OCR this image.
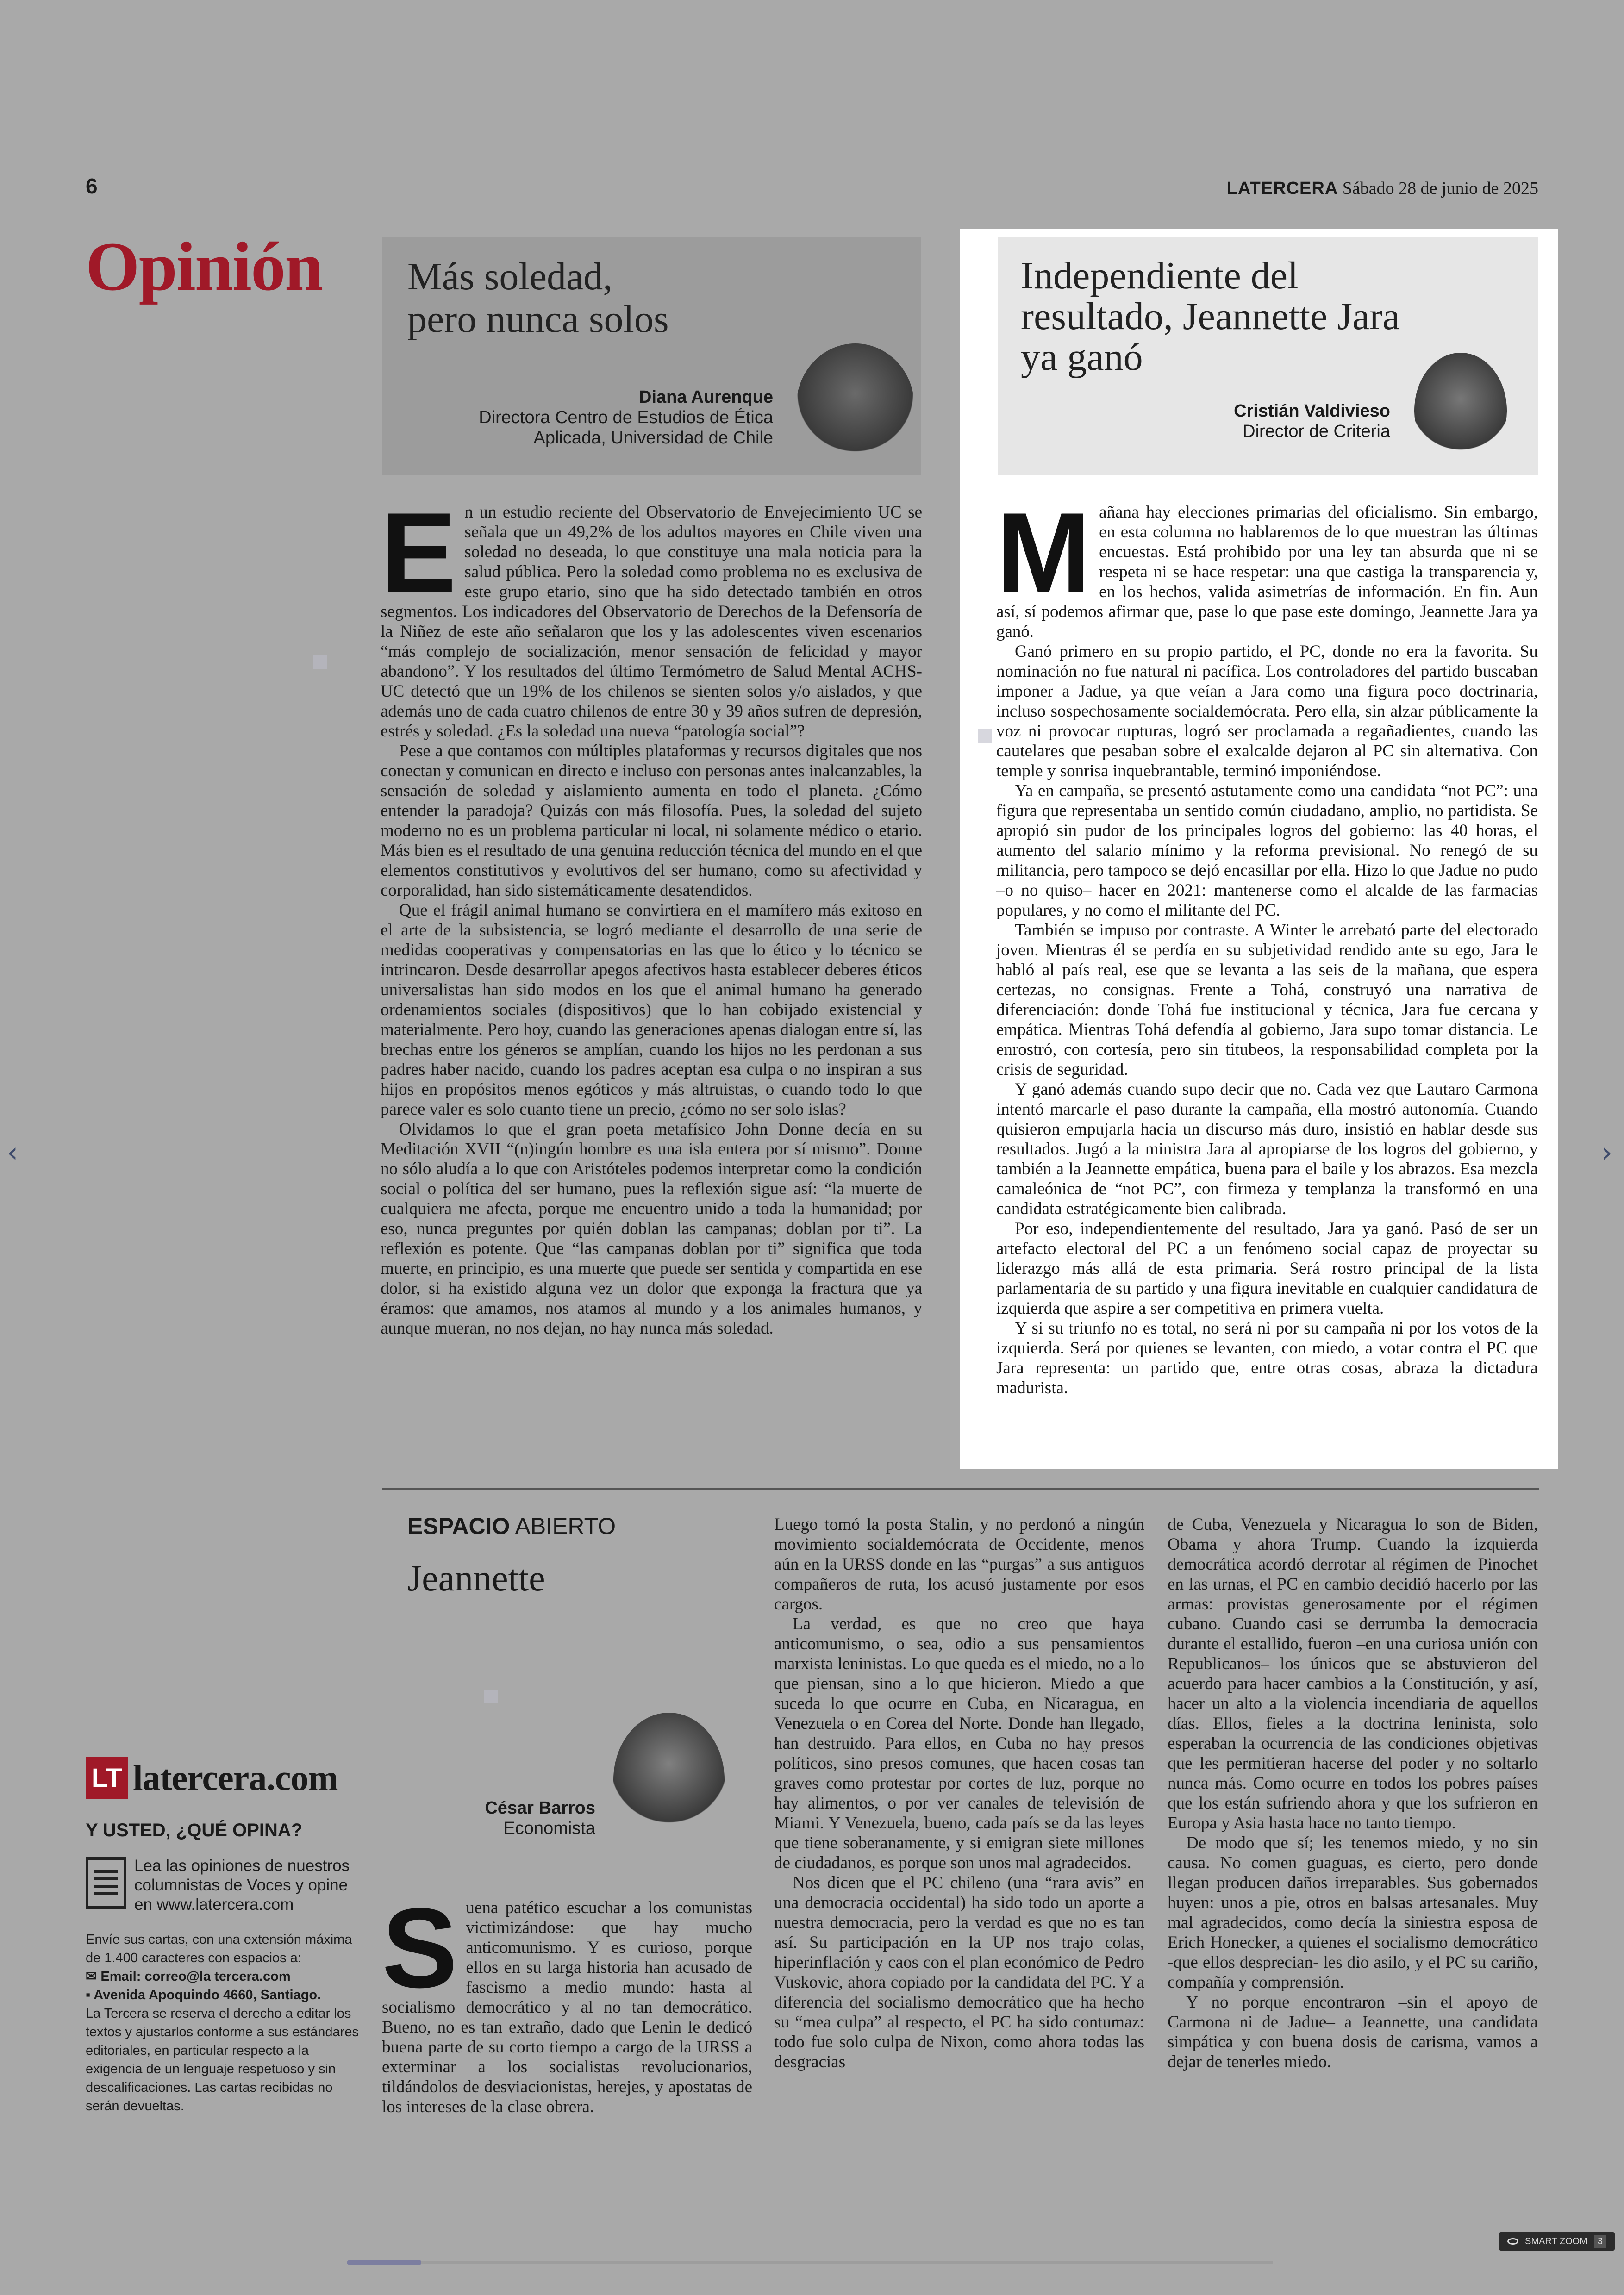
6	LATERCERA Sábado 28 de junio de 2025
Opinión Más soledad,
pero nunca solos
Diana Aurenque
Directora Centro de Estudios de Ética
Aplicada, Universidad de Chile

En un estudio reciente del Observatorio de Envejecimiento UC se señala que un 49,2% de los adultos mayores en Chile viven una soledad no deseada, lo que constituye una mala noticia para la salud pública. Pero la soledad como problema no es exclusiva de este grupo etario, sino que ha sido detectado también en otros segmentos. Los indicadores del Observatorio de Derechos de la Defensoría de la Niñez de este año señalaron que los y las adolescentes viven escenarios “más complejo de socialización, menor sensación de felicidad y mayor abandono”. Y los resultados del último Termómetro de Salud Mental ACHS-UC detectó que un 19% de los chilenos se sienten solos y/o aislados, y que además uno de cada cuatro chilenos de entre 30 y 39 años sufren de depresión, estrés y soledad. ¿Es la soledad una nueva “patología social”?

Pese a que contamos con múltiples plataformas y recursos digitales que nos conectan y comunican en directo e incluso con personas antes inalcanzables, la sensación de soledad y aislamiento aumenta en todo el planeta. ¿Cómo entender la paradoja? Quizás con más filosofía. Pues, la soledad del sujeto moderno no es un problema particular ni local, ni solamente médico o etario. Más bien es el resultado de una genuina reducción técnica del mundo en el que elementos constitutivos y evolutivos del ser humano, como su afectividad y corporalidad, han sido sistemáticamente desatendidos.

Que el frágil animal humano se convirtiera en el mamífero más exitoso en el arte de la subsistencia, se logró mediante el desarrollo de una serie de medidas cooperativas y compensatorias en las que lo ético y lo técnico se intrincaron. Desde desarrollar apegos afectivos hasta establecer deberes éticos universalistas han sido modos en los que el animal humano ha generado ordenamientos sociales (dispositivos) que lo han cobijado existencial y materialmente. Pero hoy, cuando las generaciones apenas dialogan entre sí, las brechas entre los géneros se amplían, cuando los hijos no les perdonan a sus padres haber nacido, cuando los padres aceptan esa culpa o no inspiran a sus hijos en propósitos menos egóticos y más altruistas, o cuando todo lo que parece valer es solo cuanto tiene un precio, ¿cómo no ser solo islas?

Olvidamos lo que el gran poeta metafísico John Donne decía en su Meditación XVII “(n)ingún hombre es una isla entera por sí mismo”. Donne no sólo aludía a lo que con Aristóteles podemos interpretar como la condición social o política del ser humano, pues la reflexión sigue así: “la muerte de cualquiera me afecta, porque me encuentro unido a toda la humanidad; por eso, nunca preguntes por quién doblan las campanas; doblan por ti”. La reflexión es potente. Que “las campanas doblan por ti” significa que toda muerte, en principio, es una muerte que puede ser sentida y compartida en ese dolor, si ha existido alguna vez un dolor que exponga la fractura que ya éramos: que amamos, nos atamos al mundo y a los animales humanos, y aunque mueran, no nos dejan, no hay nunca más soledad.

Independiente del
resultado, Jeannette Jara
ya ganó
Cristián Valdivieso
Director de Criteria

Mañana hay elecciones primarias del oficialismo. Sin embargo, en esta columna no hablaremos de lo que muestran las últimas encuestas. Está prohibido por una ley tan absurda que ni se respeta ni se hace respetar: una que castiga la transparencia y, en los hechos, valida asimetrías de información. En fin. Aun así, sí podemos afirmar que, pase lo que pase este domingo, Jeannette Jara ya ganó.

Ganó primero en su propio partido, el PC, donde no era la favorita. Su nominación no fue natural ni pacífica. Los controladores del partido buscaban imponer a Jadue, ya que veían a Jara como una figura poco doctrinaria, incluso sospechosamente socialdemócrata. Pero ella, sin alzar públicamente la voz ni provocar rupturas, logró ser proclamada a regañadientes, cuando las cautelares que pesaban sobre el exalcalde dejaron al PC sin alternativa. Con temple y sonrisa inquebrantable, terminó imponiéndose.

Ya en campaña, se presentó astutamente como una candidata “not PC”: una figura que representaba un sentido común ciudadano, amplio, no partidista. Se apropió sin pudor de los principales logros del gobierno: las 40 horas, el aumento del salario mínimo y la reforma previsional. No renegó de su militancia, pero tampoco se dejó encasillar por ella. Hizo lo que Jadue no pudo –o no quiso– hacer en 2021: mantenerse como el alcalde de las farmacias populares, y no como el militante del PC.

También se impuso por contraste. A Winter le arrebató parte del electorado joven. Mientras él se perdía en su subjetividad rendido ante su ego, Jara le habló al país real, ese que se levanta a las seis de la mañana, que espera certezas, no consignas. Frente a Tohá, construyó una narrativa de diferenciación: donde Tohá fue institucional y técnica, Jara fue cercana y empática. Mientras Tohá defendía al gobierno, Jara supo tomar distancia. Le enrostró, con cortesía, pero sin titubeos, la responsabilidad completa por la crisis de seguridad.

Y ganó además cuando supo decir que no. Cada vez que Lautaro Carmona intentó marcarle el paso durante la campaña, ella mostró autonomía. Cuando quisieron empujarla hacia un discurso más duro, insistió en hablar desde sus resultados. Jugó a la ministra Jara al apropiarse de los logros del gobierno, y también a la Jeannette empática, buena para el baile y los abrazos. Esa mezcla camaleónica de “not PC”, con firmeza y templanza la transformó en una candidata estratégicamente bien calibrada.

Por eso, independientemente del resultado, Jara ya ganó. Pasó de ser un artefacto electoral del PC a un fenómeno social capaz de proyectar su liderazgo más allá de esta primaria. Será rostro principal de la lista parlamentaria de su partido y una figura inevitable en cualquier candidatura de izquierda que aspire a ser competitiva en primera vuelta.

Y si su triunfo no es total, no será ni por su campaña ni por los votos de la izquierda. Será por quienes se levanten, con miedo, a votar contra el PC que Jara representa: un partido que, entre otras cosas, abraza la dictadura madurista.

ESPACIO ABIERTO
Jeannette
César Barros
Economista

Suena patético escuchar a los comunistas victimizándose: que hay mucho anticomunismo. Y es curioso, porque ellos en su larga historia han acusado de fascismo a medio mundo: hasta al socialismo democrático y al no tan democrático. Bueno, no es tan extraño, dado que Lenin le dedicó buena parte de su corto tiempo a cargo de la URSS a exterminar a los socialistas revolucionarios, tildándolos de desviacionistas, herejes, y apostatas de los intereses de la clase obrera.

Luego tomó la posta Stalin, y no perdonó a ningún movimiento socialdemócrata de Occidente, menos aún en la URSS donde en las “purgas” a sus antiguos compañeros de ruta, los acusó justamente por esos cargos.

La verdad, es que no creo que haya anticomunismo, o sea, odio a sus pensamientos marxista leninistas. Lo que queda es el miedo, no a lo que piensan, sino a lo que hicieron. Miedo a que suceda lo que ocurre en Cuba, en Nicaragua, en Venezuela o en Corea del Norte. Donde han llegado, han destruido. Para ellos, en Cuba no hay presos políticos, sino presos comunes, que hacen cosas tan graves como protestar por cortes de luz, porque no hay alimentos, o por ver canales de televisión de Miami. Y Venezuela, bueno, cada país se da las leyes que tiene soberanamente, y si emigran siete millones de ciudadanos, es porque son unos mal agradecidos.

Nos dicen que el PC chileno (una “rara avis” en una democracia occidental) ha sido todo un aporte a nuestra democracia, pero la verdad es que no es tan así. Su participación en la UP nos trajo colas, hiperinflación y caos con el plan económico de Pedro Vuskovic, ahora copiado por la candidata del PC. Y a diferencia del socialismo democrático que ha hecho su “mea culpa” al respecto, el PC ha sido contumaz: todo fue solo culpa de Nixon, como ahora todas las desgracias

de Cuba, Venezuela y Nicaragua lo son de Biden, Obama y ahora Trump. Cuando la izquierda democrática acordó derrotar al régimen de Pinochet en las urnas, el PC en cambio decidió hacerlo por las armas: provistas generosamente por el régimen cubano. Cuando casi se derrumba la democracia durante el estallido, fueron –en una curiosa unión con Republicanos– los únicos que se abstuvieron del acuerdo para hacer cambios a la Constitución, y así, hacer un alto a la violencia incendiaria de aquellos días. Ellos, fieles a la doctrina leninista, solo esperaban la ocurrencia de las condiciones objetivas que les permitieran hacerse del poder y no soltarlo nunca más. Como ocurre en todos los pobres países que los están sufriendo ahora y que los sufrieron en Europa y Asia hasta hace no tanto tiempo.

De modo que sí; les tenemos miedo, y no sin causa. No comen guaguas, es cierto, pero donde llegan producen daños irreparables. Sus gobernados huyen: unos a pie, otros en balsas artesanales. Muy mal agradecidos, como decía la siniestra esposa de Erich Honecker, a quienes el socialismo democrático -que ellos desprecian- les dio asilo, y el PC su cariño, compañía y comprensión.

Y no porque encontraron –sin el apoyo de Carmona ni de Jadue– a Jeannette, una candidata simpática y con buena dosis de carisma, vamos a dejar de tenerles miedo.

LT latercera.com
Y USTED, ¿QUÉ OPINA?
Lea las opiniones de nuestros columnistas de Voces y opine en www.latercera.com
Envíe sus cartas, con una extensión máxima de 1.400 caracteres con espacios a:
✉ Email: correo@la tercera.com
▪ Avenida Apoquindo 4660, Santiago.
La Tercera se reserva el derecho a editar los textos y ajustarlos conforme a sus estándares editoriales, en particular respecto a la exigencia de un lenguaje respetuoso y sin descalificaciones. Las cartas recibidas no serán devueltas.
‹	›
SMART ZOOM	3
